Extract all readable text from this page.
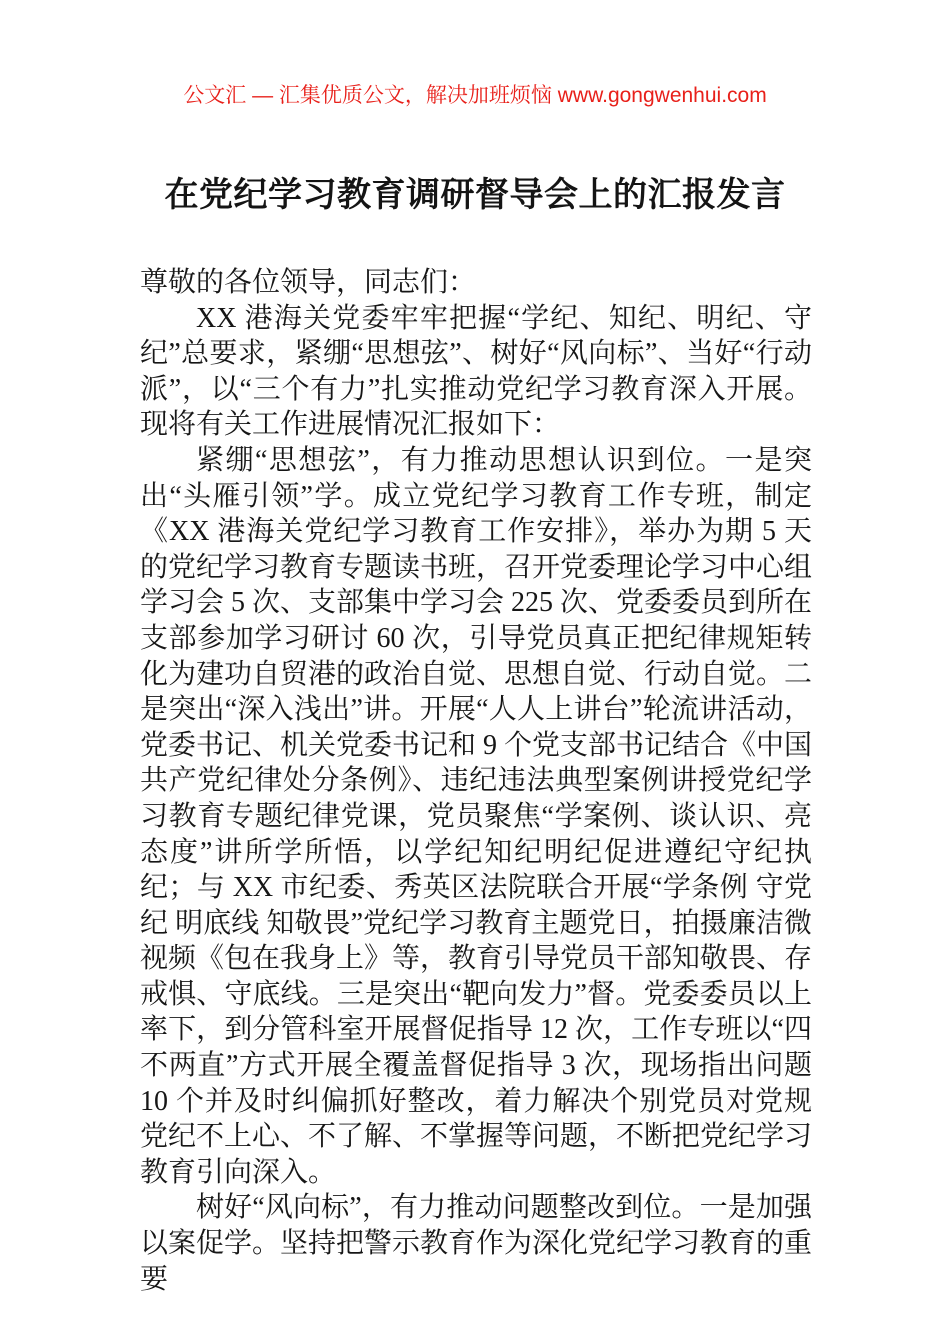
公文汇 — 汇集优质公文，解决加班烦恼 www.gongwenhui.com
在党纪学习教育调研督导会上的汇报发言

尊敬的各位领导，同志们：

XX 港海关党委牢牢把握“学纪、知纪、明纪、守纪”总要求，紧绷“思想弦”、树好“风向标”、当好“行动派”，以“三个有力”扎实推动党纪学习教育深入开展。现将有关工作进展情况汇报如下：

紧绷“思想弦”，有力推动思想认识到位。一是突出“头雁引领”学。成立党纪学习教育工作专班，制定《XX 港海关党纪学习教育工作安排》，举办为期 5 天的党纪学习教育专题读书班，召开党委理论学习中心组学习会 5 次、支部集中学习会 225 次、党委委员到所在支部参加学习研讨 60 次，引导党员真正把纪律规矩转化为建功自贸港的政治自觉、思想自觉、行动自觉。二是突出“深入浅出”讲。开展“人人上讲台”轮流讲活动，党委书记、机关党委书记和 9 个党支部书记结合《中国共产党纪律处分条例》、违纪违法典型案例讲授党纪学习教育专题纪律党课，党员聚焦“学案例、谈认识、亮态度”讲所学所悟，以学纪知纪明纪促进遵纪守纪执纪；与 XX 市纪委、秀英区法院联合开展“学条例 守党纪 明底线 知敬畏”党纪学习教育主题党日，拍摄廉洁微视频《包在我身上》等，教育引导党员干部知敬畏、存戒惧、守底线。三是突出“靶向发力”督。党委委员以上率下，到分管科室开展督促指导 12 次，工作专班以“四不两直”方式开展全覆盖督促指导 3 次，现场指出问题 10 个并及时纠偏抓好整改，着力解决个别党员对党规党纪不上心、不了解、不掌握等问题，不断把党纪学习教育引向深入。

树好“风向标”，有力推动问题整改到位。一是加强以案促学。坚持把警示教育作为深化党纪学习教育的重要
